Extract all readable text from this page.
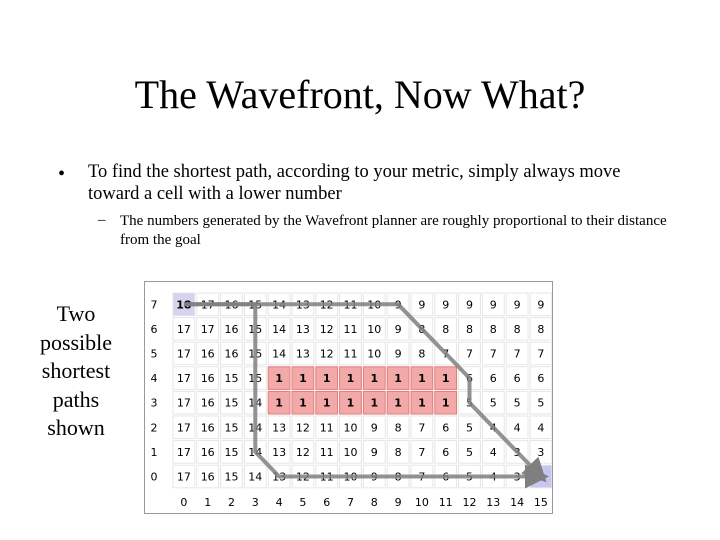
The Wavefront, Now What?
• To find the shortest path, according to your metric, simply always move toward a cell with a lower number
– The numbers generated by the Wavefront planner are roughly proportional to their distance from the goal
Two
possible
shortest
paths
shown
18 17 16 15 14 13 12 11 10 9 9 9 9 9 9 9
7
17 17 16 15 14 13 12 11 10 9 8 8 8 8 8 8
6
17 16 16 15 14 13 12 11 10 9 8 7 7 7 7 7
5
17 16 15 15 1 1 1 1 1 1 1 1 6 6 6 6
4
17 16 15 14 1 1 1 1 1 1 1 1 5 5 5 5
3
17 16 15 14 13 12 11 10 9 8 7 6 5 4 4 4
2
17 16 15 14 13 12 11 10 9 8 7 6 5 4 3 3
1
17 16 15 14 13 12 11 10 9 8 7 6 5 4 3 2
0
0 1 2 3 4 5 6 7 8 9 10 11 12 13 14 15
